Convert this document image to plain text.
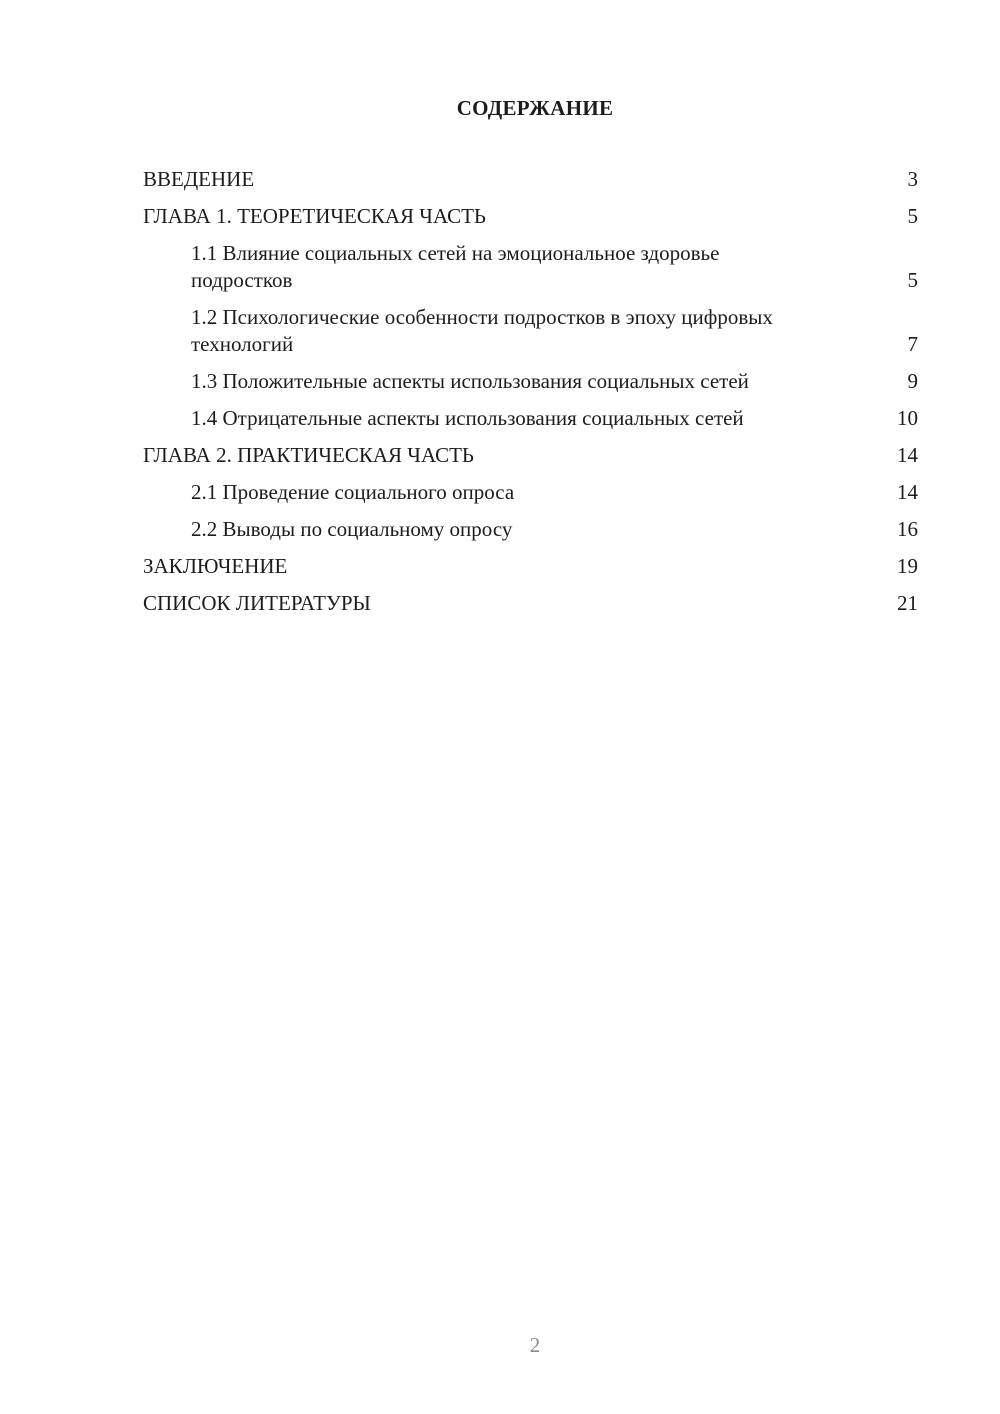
СОДЕРЖАНИЕ
ВВЕДЕНИЕ	3
ГЛАВА 1. ТЕОРЕТИЧЕСКАЯ ЧАСТЬ	5
1.1 Влияние социальных сетей на эмоциональное здоровье подростков	5
1.2 Психологические особенности подростков в эпоху цифровых технологий	7
1.3 Положительные аспекты использования социальных сетей	9
1.4 Отрицательные аспекты использования социальных сетей	10
ГЛАВА 2. ПРАКТИЧЕСКАЯ ЧАСТЬ	14
2.1 Проведение социального опроса	14
2.2 Выводы по социальному опросу	16
ЗАКЛЮЧЕНИЕ	19
СПИСОК ЛИТЕРАТУРЫ	21
2
